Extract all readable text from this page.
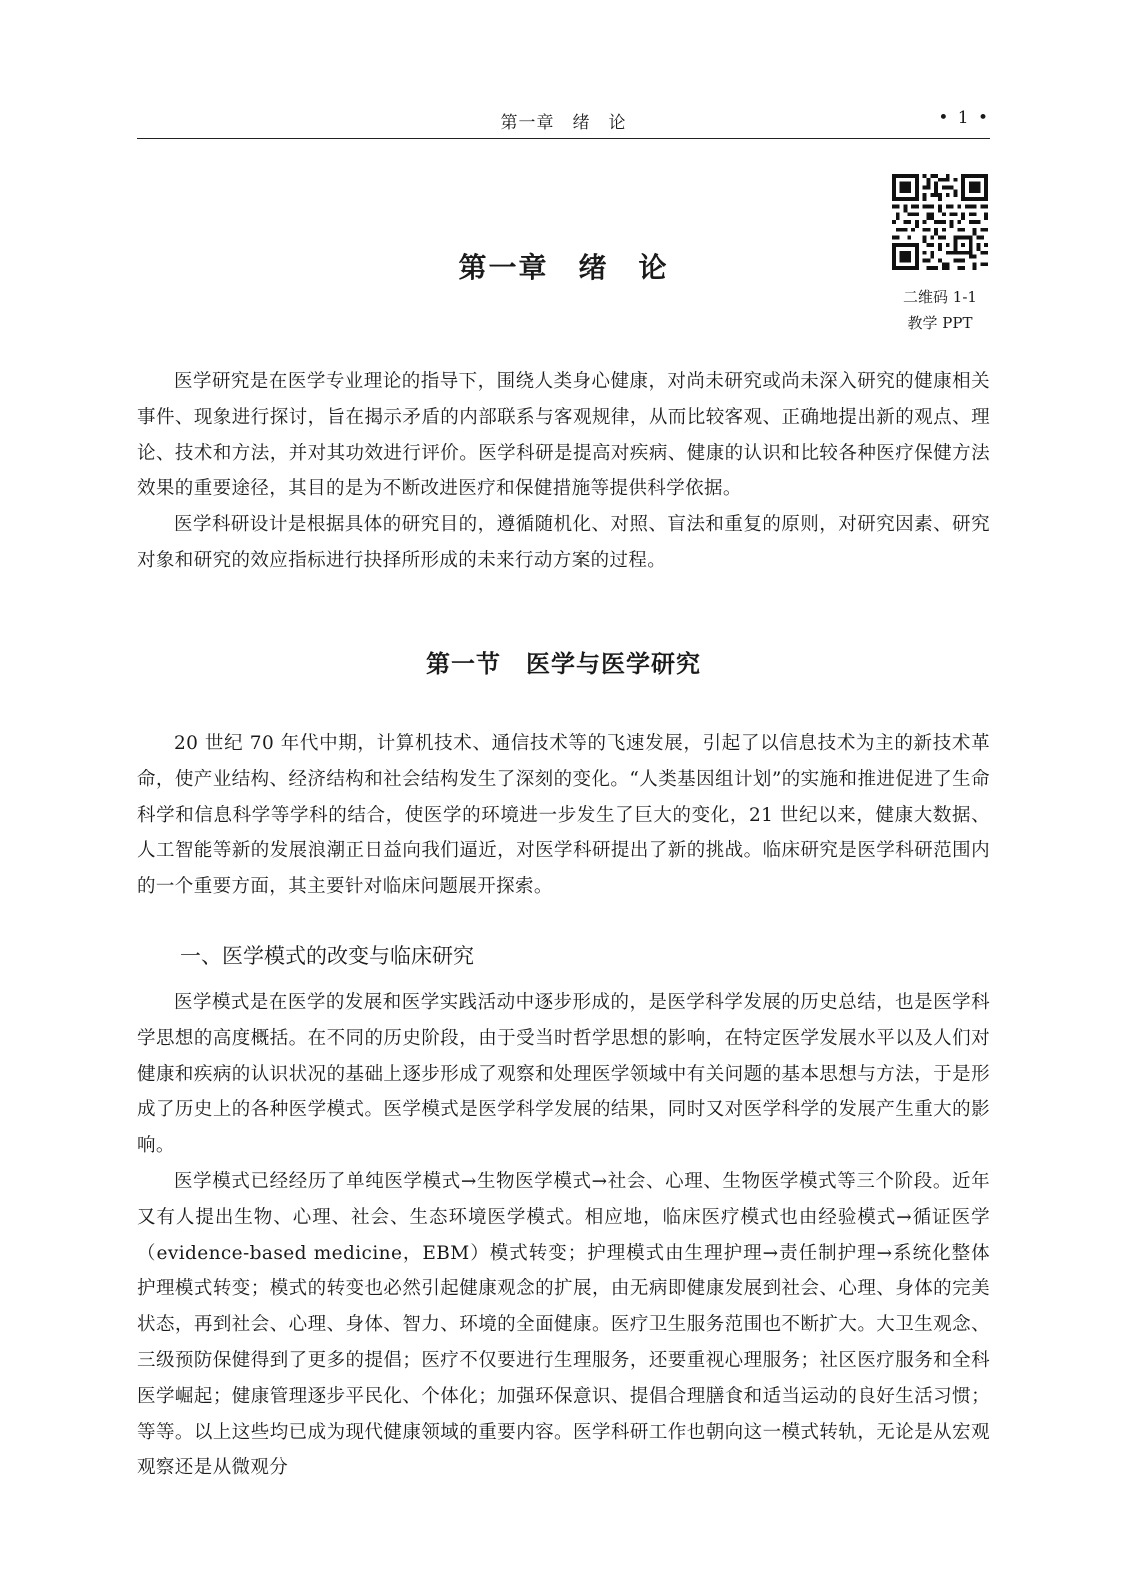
第一章　绪　论	• 1 •
二维码 1-1
教学 PPT
第一章　绪　论

医学研究是在医学专业理论的指导下，围绕人类身心健康，对尚未研究或尚未深入研究的健康相关事件、现象进行探讨，旨在揭示矛盾的内部联系与客观规律，从而比较客观、正确地提出新的观点、理论、技术和方法，并对其功效进行评价。医学科研是提高对疾病、健康的认识和比较各种医疗保健方法效果的重要途径，其目的是为不断改进医疗和保健措施等提供科学依据。

医学科研设计是根据具体的研究目的，遵循随机化、对照、盲法和重复的原则，对研究因素、研究对象和研究的效应指标进行抉择所形成的未来行动方案的过程。

第一节　医学与医学研究

20 世纪 70 年代中期，计算机技术、通信技术等的飞速发展，引起了以信息技术为主的新技术革命，使产业结构、经济结构和社会结构发生了深刻的变化。“人类基因组计划”的实施和推进促进了生命科学和信息科学等学科的结合，使医学的环境进一步发生了巨大的变化，21 世纪以来，健康大数据、人工智能等新的发展浪潮正日益向我们逼近，对医学科研提出了新的挑战。临床研究是医学科研范围内的一个重要方面，其主要针对临床问题展开探索。

一、医学模式的改变与临床研究

医学模式是在医学的发展和医学实践活动中逐步形成的，是医学科学发展的历史总结，也是医学科学思想的高度概括。在不同的历史阶段，由于受当时哲学思想的影响，在特定医学发展水平以及人们对健康和疾病的认识状况的基础上逐步形成了观察和处理医学领域中有关问题的基本思想与方法，于是形成了历史上的各种医学模式。医学模式是医学科学发展的结果，同时又对医学科学的发展产生重大的影响。

医学模式已经经历了单纯医学模式→生物医学模式→社会、心理、生物医学模式等三个阶段。近年又有人提出生物、心理、社会、生态环境医学模式。相应地，临床医疗模式也由经验模式→循证医学（evidence-based medicine，EBM）模式转变；护理模式由生理护理→责任制护理→系统化整体护理模式转变；模式的转变也必然引起健康观念的扩展，由无病即健康发展到社会、心理、身体的完美状态，再到社会、心理、身体、智力、环境的全面健康。医疗卫生服务范围也不断扩大。大卫生观念、三级预防保健得到了更多的提倡；医疗不仅要进行生理服务，还要重视心理服务；社区医疗服务和全科医学崛起；健康管理逐步平民化、个体化；加强环保意识、提倡合理膳食和适当运动的良好生活习惯；等等。以上这些均已成为现代健康领域的重要内容。医学科研工作也朝向这一模式转轨，无论是从宏观观察还是从微观分
